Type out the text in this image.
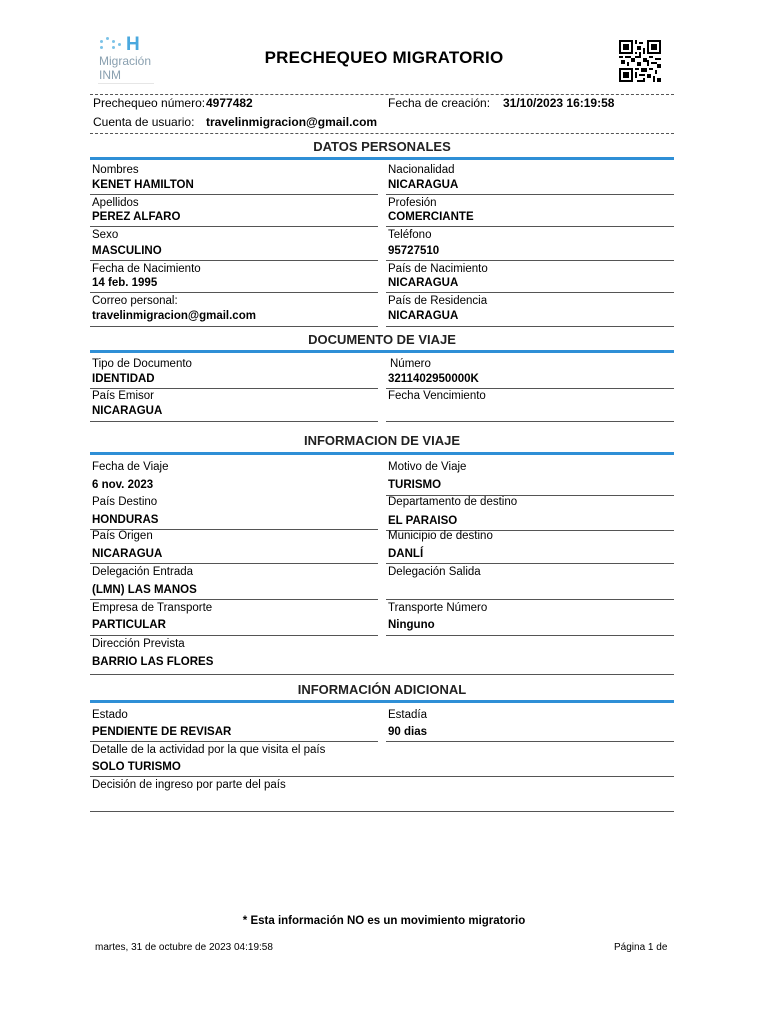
H
Migración
INM
PRECHEQUEO MIGRATORIO
Prechequeo número: 4977482	Fecha de creación: 31/10/2023 16:19:58
Cuenta de usuario: travelinmigracion@gmail.com
DATOS PERSONALES
Nombres
KENET HAMILTON
Nacionalidad
NICARAGUA
Apellidos
PEREZ ALFARO
Profesión
COMERCIANTE
Sexo
MASCULINO
Teléfono
95727510
Fecha de Nacimiento
14 feb. 1995
País de Nacimiento
NICARAGUA
Correo personal:
travelinmigracion@gmail.com
País de Residencia
NICARAGUA
DOCUMENTO DE VIAJE
Tipo de Documento
IDENTIDAD
Número
3211402950000K
País Emisor
NICARAGUA
Fecha Vencimiento
INFORMACION DE VIAJE
Fecha de Viaje
6 nov. 2023
Motivo de Viaje
TURISMO
País Destino
HONDURAS
Departamento de destino
EL PARAISO
País Origen
NICARAGUA
Municipio de destino
DANLÍ
Delegación Entrada
(LMN) LAS MANOS
Delegación Salida
Empresa de Transporte
PARTICULAR
Transporte Número
Ninguno
Dirección Prevista
BARRIO LAS FLORES
INFORMACIÓN ADICIONAL
Estado
PENDIENTE DE REVISAR
Estadía
90 dias
Detalle de la actividad por la que visita el país
SOLO TURISMO
Decisión de ingreso por parte del país
* Esta información NO es un movimiento migratorio
martes, 31 de octubre de 2023 04:19:58	Página 1 de
